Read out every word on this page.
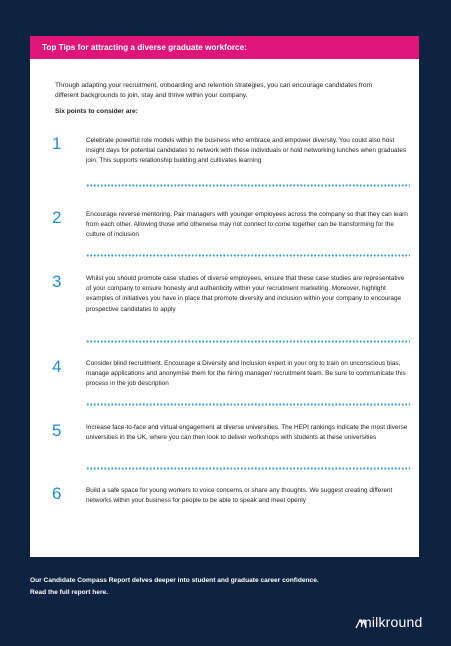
Top Tips for attracting a diverse graduate workforce:
Through adapting your recruitment, onboarding and retention strategies, you can encourage candidates from different backgrounds to join, stay and thrive within your company.
Six points to consider are:
1	Celebrate powerful role models within the business who embrace and empower diversity. You could also host insight days for potential candidates to network with these individuals or hold networking lunches when graduates join. This supports relationship building and cultivates learning
2	Encourage reverse mentoring. Pair managers with younger employees across the company so that they can learn from each other. Allowing those who otherwise may not connect to come together can be transforming for the culture of inclusion
3	Whilst you should promote case studies of diverse employees, ensure that these case studies are representative of your company to ensure honesty and authenticity within your recruitment marketing. Moreover, highlight examples of initiatives you have in place that promote diversity and inclusion within your company to encourage prospective candidates to apply
4	Consider blind recruitment. Encourage a Diversity and Inclusion expert in your org to train on unconscious bias, manage applications and anonymise them for the hiring manager/ recruitment team. Be sure to communicate this process in the job description
5	Increase face-to-face and virtual engagement at diverse universities. The HEPI rankings indicate the most diverse universities in the UK, where you can then look to deliver workshops with students at these universities
6	Build a safe space for young workers to voice concerns or share any thoughts. We suggest creating different networks within your business for people to be able to speak and meet openly
Our Candidate Compass Report delves deeper into student and graduate career confidence.
Read the full report here.
milkround
